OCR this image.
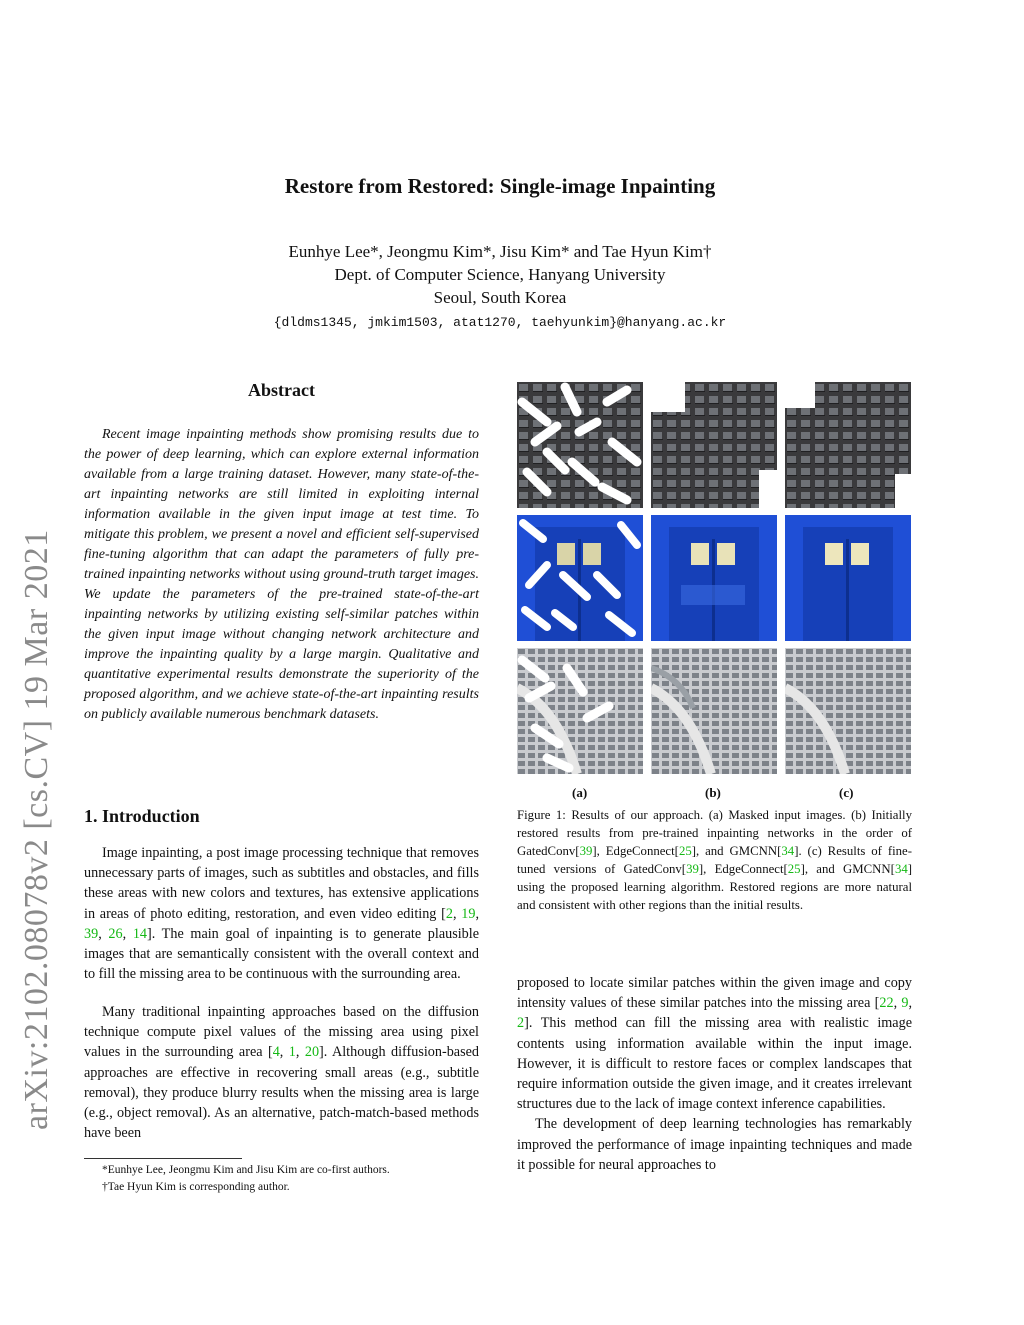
arXiv:2102.08078v2 [cs.CV] 19 Mar 2021
Restore from Restored: Single-image Inpainting
Eunhye Lee*, Jeongmu Kim*, Jisu Kim* and Tae Hyun Kim†
Dept. of Computer Science, Hanyang University
Seoul, South Korea
{dldms1345, jmkim1503, atat1270, taehyunkim}@hanyang.ac.kr
Abstract
Recent image inpainting methods show promising results due to the power of deep learning, which can explore external information available from a large training dataset. However, many state-of-the-art inpainting networks are still limited in exploiting internal information available in the given input image at test time. To mitigate this problem, we present a novel and efficient self-supervised fine-tuning algorithm that can adapt the parameters of fully pre-trained inpainting networks without using ground-truth target images. We update the parameters of the pre-trained state-of-the-art inpainting networks by utilizing existing self-similar patches within the given input image without changing network architecture and improve the inpainting quality by a large margin. Qualitative and quantitative experimental results demonstrate the superiority of the proposed algorithm, and we achieve state-of-the-art inpainting results on publicly available numerous benchmark datasets.
1. Introduction

Image inpainting, a post image processing technique that removes unnecessary parts of images, such as subtitles and obstacles, and fills these areas with new colors and textures, has extensive applications in areas of photo editing, restoration, and even video editing [2, 19, 39, 26, 14]. The main goal of inpainting is to generate plausible images that are semantically consistent with the overall context and to fill the missing area to be continuous with the surrounding area.

Many traditional inpainting approaches based on the diffusion technique compute pixel values of the missing area using pixel values in the surrounding area [4, 1, 20]. Although diffusion-based approaches are effective in recovering small areas (e.g., subtitle removal), they produce blurry results when the missing area is large (e.g., object removal). As an alternative, patch-match-based methods have been

*Eunhye Lee, Jeongmu Kim and Jisu Kim are co-first authors.
†Tae Hyun Kim is corresponding author.
(a)	(b)	(c)
Figure 1: Results of our approach. (a) Masked input images. (b) Initially restored results from pre-trained inpainting networks in the order of GatedConv[39], EdgeConnect[25], and GMCNN[34]. (c) Results of fine-tuned versions of GatedConv[39], EdgeConnect[25], and GMCNN[34] using the proposed learning algorithm. Restored regions are more natural and consistent with other regions than the initial results.

proposed to locate similar patches within the given image and copy intensity values of these similar patches into the missing area [22, 9, 2]. This method can fill the missing area with realistic image contents using information available within the input image. However, it is difficult to restore faces or complex landscapes that require information outside the given image, and it creates irrelevant structures due to the lack of image context inference capabilities.

The development of deep learning technologies has remarkably improved the performance of image inpainting techniques and made it possible for neural approaches to
